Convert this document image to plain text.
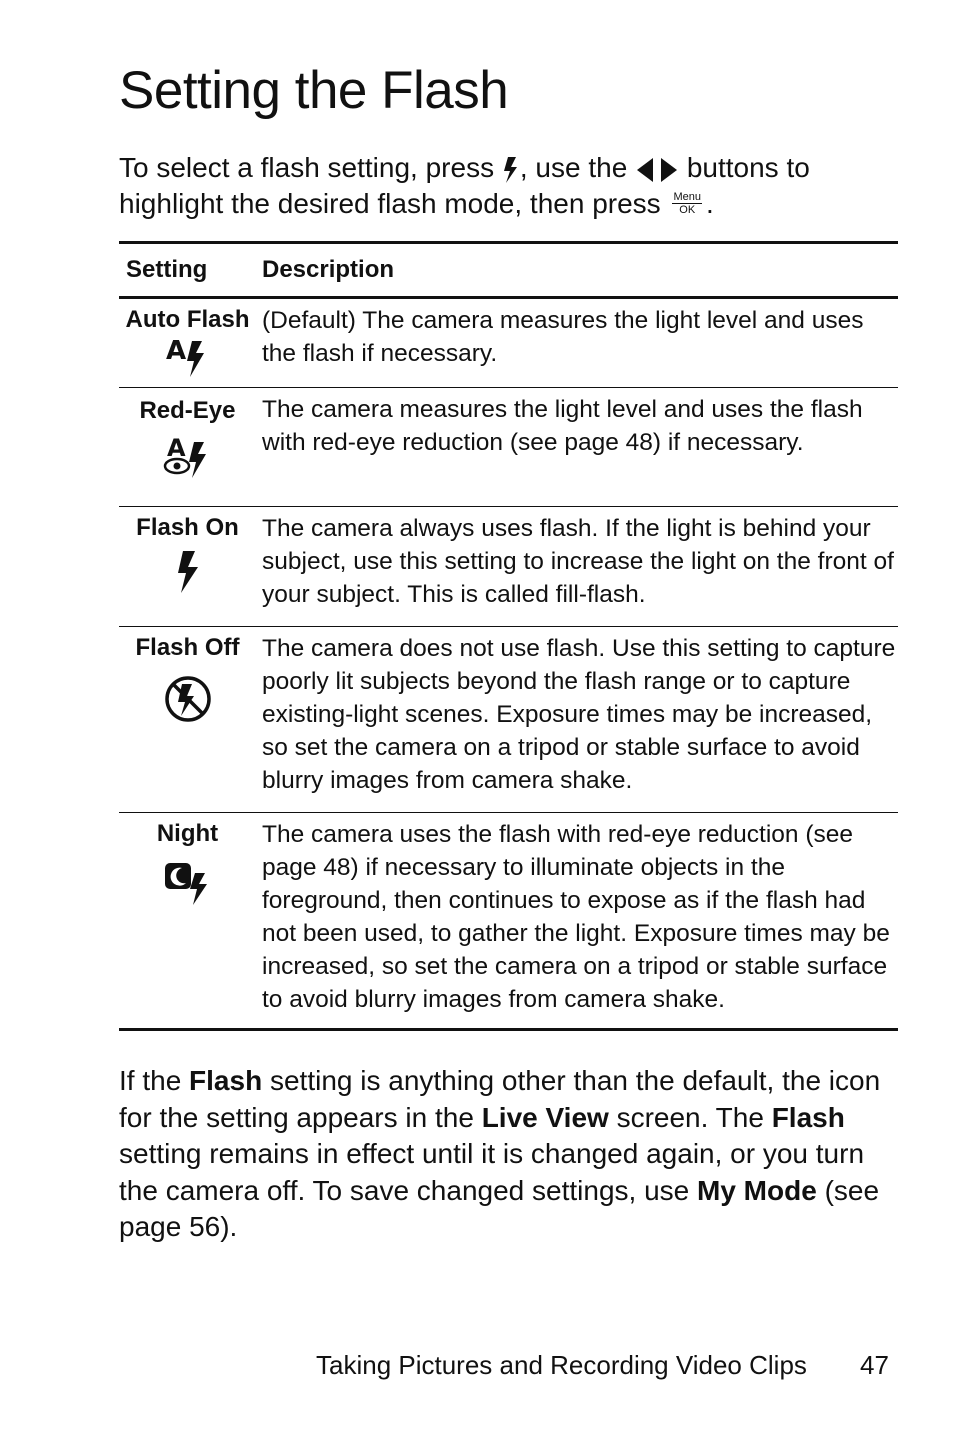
Setting the Flash
To select a flash setting, press , use the buttons to highlight the desired flash mode, then press Menu
OK .
Setting	Description
Auto Flash
A
(Default) The camera measures the light level and uses the flash if necessary.
Red-Eye
A
The camera measures the light level and uses the flash with red-eye reduction (see page 48) if necessary.
Flash On The camera always uses flash. If the light is behind your subject, use this setting to increase the light on the front of your subject. This is called fill-flash.
Flash Off The camera does not use flash. Use this setting to capture poorly lit subjects beyond the flash range or to capture existing-light scenes. Exposure times may be increased, so set the camera on a tripod or stable surface to avoid blurry images from camera shake.
Night	The camera uses the flash with red-eye reduction (see page 48) if necessary to illuminate objects in the foreground, then continues to expose as if the flash had not been used, to gather the light. Exposure times may be increased, so set the camera on a tripod or stable surface to avoid blurry images from camera shake.
If the Flash setting is anything other than the default, the icon for the setting appears in the Live View screen. The Flash setting remains in effect until it is changed again, or you turn the camera off. To save changed settings, use My Mode (see page 56).
Taking Pictures and Recording Video Clips 47
